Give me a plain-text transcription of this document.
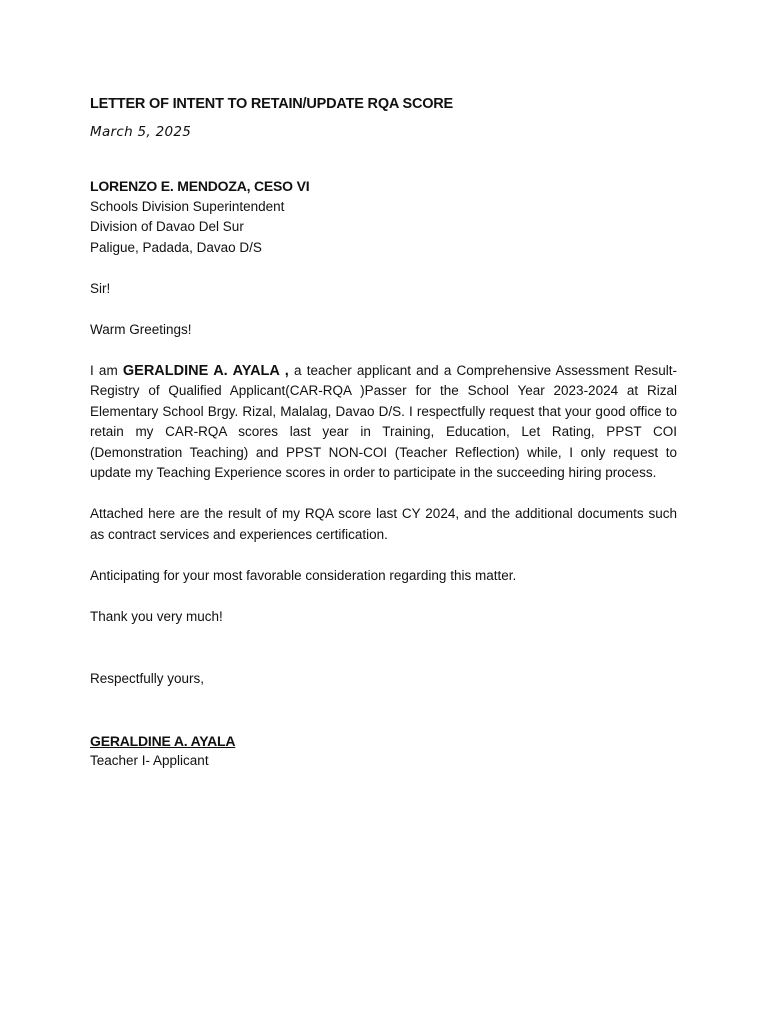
LETTER OF INTENT TO RETAIN/UPDATE RQA SCORE
March 5, 2025
LORENZO E. MENDOZA, CESO VI
Schools Division Superintendent
Division of Davao Del Sur
Paligue, Padada, Davao D/S
Sir!
Warm Greetings!

I am GERALDINE A. AYALA , a teacher applicant and a Comprehensive Assessment Result-Registry of Qualified Applicant(CAR-RQA )Passer for the School Year 2023-2024 at Rizal Elementary School Brgy. Rizal, Malalag, Davao D/S. I respectfully request that your good office to retain my CAR-RQA scores last year in Training, Education, Let Rating, PPST COI (Demonstration Teaching) and PPST NON-COI (Teacher Reflection) while, I only request to update my Teaching Experience scores in order to participate in the succeeding hiring process.

Attached here are the result of my RQA score last CY 2024, and the additional documents such as contract services and experiences certification.

Anticipating for your most favorable consideration regarding this matter.

Thank you very much!

Respectfully yours,
GERALDINE A. AYALA
Teacher I- Applicant
